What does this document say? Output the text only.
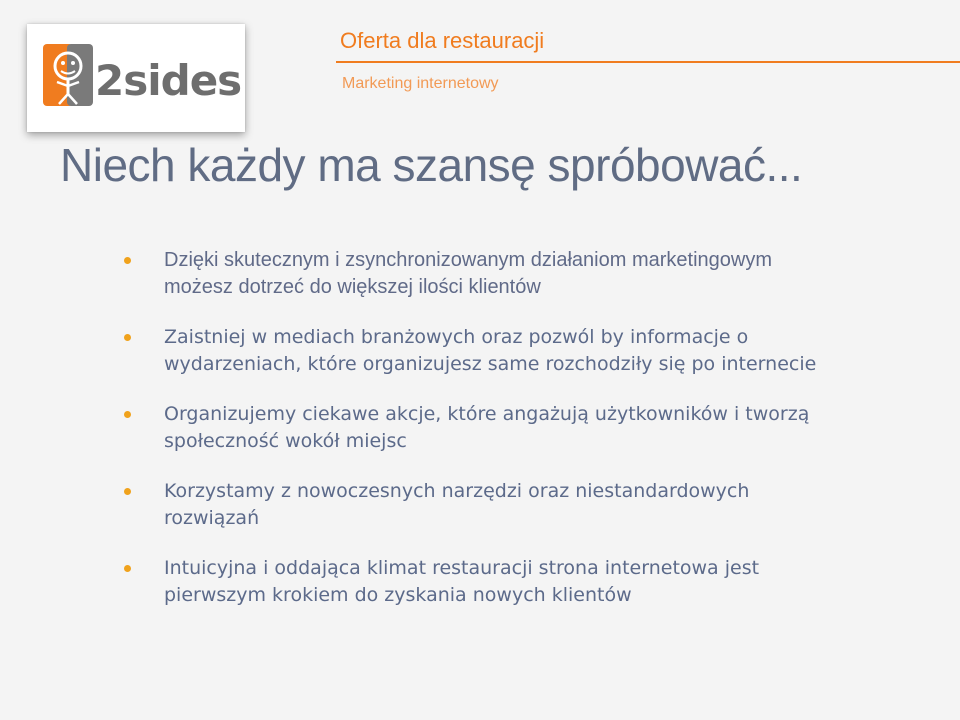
2sides
Oferta dla restauracji
Marketing internetowy
Niech każdy ma szansę spróbować...
Dzięki skutecznym i zsynchronizowanym działaniom marketingowym możesz dotrzeć do większej ilości klientów
Zaistniej w mediach branżowych oraz pozwól by informacje o wydarzeniach, które organizujesz same rozchodziły się po internecie
Organizujemy ciekawe akcje, które angażują użytkowników i tworzą społeczność wokół miejsc
Korzystamy z nowoczesnych narzędzi oraz niestandardowych rozwiązań
Intuicyjna i oddająca klimat restauracji strona internetowa jest pierwszym krokiem do zyskania nowych klientów
